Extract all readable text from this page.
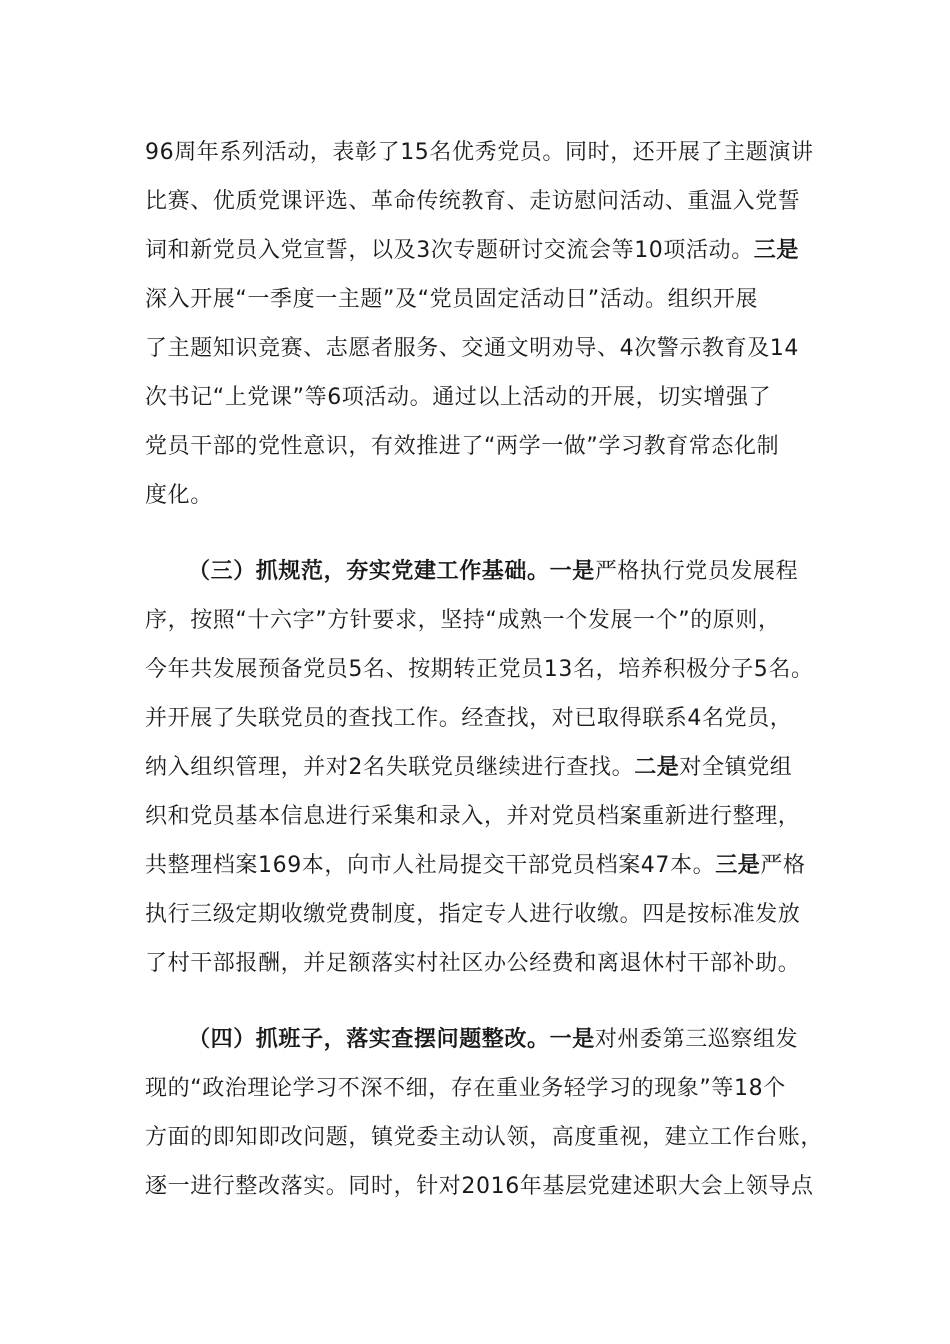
96周年系列活动，表彰了15名优秀党员。同时，还开展了主题演讲
比赛、优质党课评选、革命传统教育、走访慰问活动、重温入党誓
词和新党员入党宣誓，以及3次专题研讨交流会等10项活动。三是
深入开展“一季度一主题”及“党员固定活动日”活动。组织开展
了主题知识竞赛、志愿者服务、交通文明劝导、4次警示教育及14
次书记“上党课”等6项活动。通过以上活动的开展，切实增强了
党员干部的党性意识，有效推进了“两学一做”学习教育常态化制
度化。
（三）抓规范，夯实党建工作基础。一是严格执行党员发展程
序，按照“十六字”方针要求，坚持“成熟一个发展一个”的原则，
今年共发展预备党员5名、按期转正党员13名，培养积极分子5名。
并开展了失联党员的查找工作。经查找，对已取得联系4名党员，
纳入组织管理，并对2名失联党员继续进行查找。二是对全镇党组
织和党员基本信息进行采集和录入，并对党员档案重新进行整理，
共整理档案169本，向市人社局提交干部党员档案47本。三是严格
执行三级定期收缴党费制度，指定专人进行收缴。四是按标准发放
了村干部报酬，并足额落实村社区办公经费和离退休村干部补助。
（四）抓班子，落实查摆问题整改。一是对州委第三巡察组发
现的“政治理论学习不深不细，存在重业务轻学习的现象”等18个
方面的即知即改问题，镇党委主动认领，高度重视，建立工作台账，
逐一进行整改落实。同时，针对2016年基层党建述职大会上领导点
